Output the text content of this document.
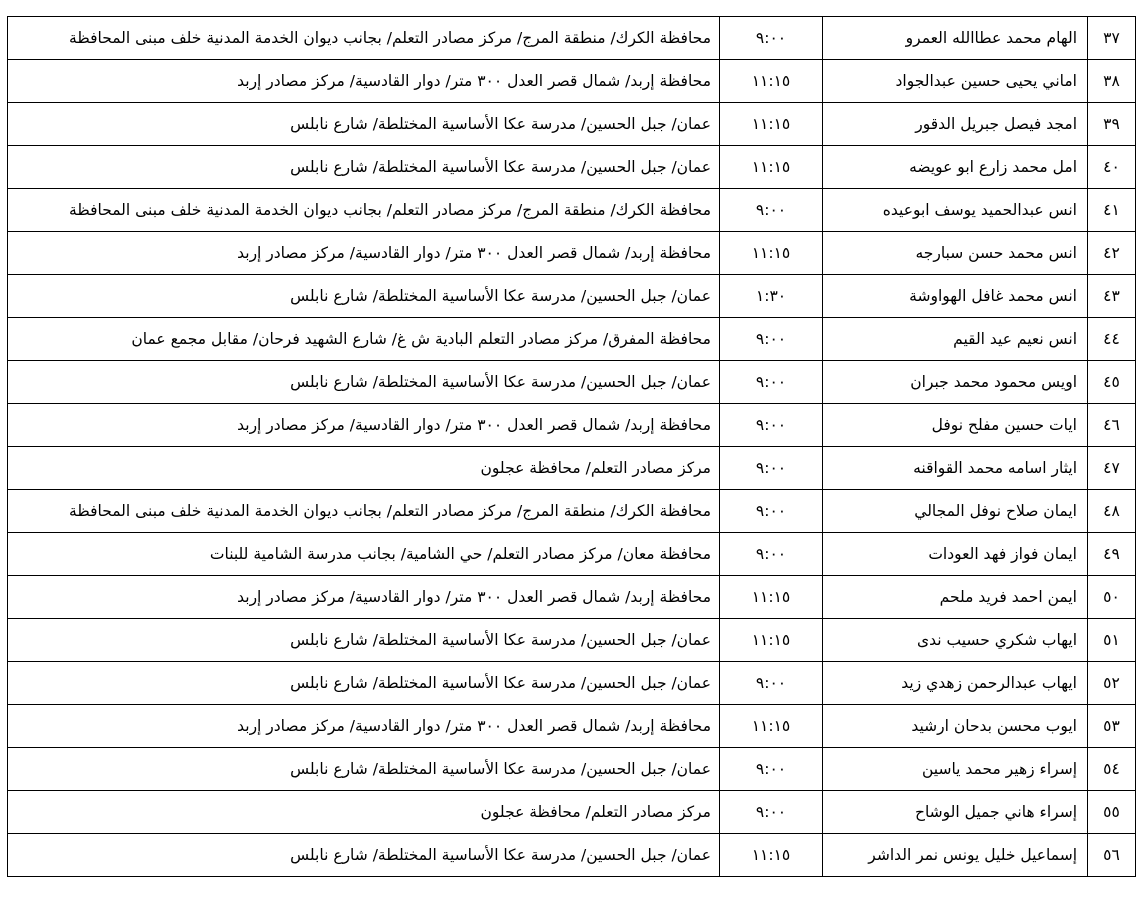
٣٧	الهام محمد عطاالله العمرو	٩:٠٠	محافظة الكرك/ منطقة المرج/ مركز مصادر التعلم/ بجانب ديوان الخدمة المدنية خلف مبنى المحافظة
٣٨	اماني يحيى حسين عبدالجواد	١١:١٥	محافظة إربد/ شمال قصر العدل ٣٠٠ متر/ دوار القادسية/ مركز مصادر إربد
٣٩	امجد فيصل جبريل الدقور	١١:١٥	عمان/ جبل الحسين/ مدرسة عكا الأساسية المختلطة/ شارع نابلس
٤٠	امل محمد زارع ابو عويضه	١١:١٥	عمان/ جبل الحسين/ مدرسة عكا الأساسية المختلطة/ شارع نابلس
٤١	انس عبدالحميد يوسف ابوعيده	٩:٠٠	محافظة الكرك/ منطقة المرج/ مركز مصادر التعلم/ بجانب ديوان الخدمة المدنية خلف مبنى المحافظة
٤٢	انس محمد حسن سبارجه	١١:١٥	محافظة إربد/ شمال قصر العدل ٣٠٠ متر/ دوار القادسية/ مركز مصادر إربد
٤٣	انس محمد غافل الهواوشة	١:٣٠	عمان/ جبل الحسين/ مدرسة عكا الأساسية المختلطة/ شارع نابلس
٤٤	انس نعيم عيد القيم	٩:٠٠	محافظة المفرق/ مركز مصادر التعلم البادية ش غ/ شارع الشهيد فرحان/ مقابل مجمع عمان
٤٥	اويس محمود محمد جبران	٩:٠٠	عمان/ جبل الحسين/ مدرسة عكا الأساسية المختلطة/ شارع نابلس
٤٦	ايات حسين مفلح نوفل	٩:٠٠	محافظة إربد/ شمال قصر العدل ٣٠٠ متر/ دوار القادسية/ مركز مصادر إربد
٤٧	ايثار اسامه محمد القواقنه	٩:٠٠	مركز مصادر التعلم/ محافظة عجلون
٤٨	ايمان صلاح نوفل المجالي	٩:٠٠	محافظة الكرك/ منطقة المرج/ مركز مصادر التعلم/ بجانب ديوان الخدمة المدنية خلف مبنى المحافظة
٤٩	ايمان فواز فهد العودات	٩:٠٠	محافظة معان/ مركز مصادر التعلم/ حي الشامية/ بجانب مدرسة الشامية للبنات
٥٠	ايمن احمد فريد ملحم	١١:١٥	محافظة إربد/ شمال قصر العدل ٣٠٠ متر/ دوار القادسية/ مركز مصادر إربد
٥١	ايهاب شكري حسيب ندى	١١:١٥	عمان/ جبل الحسين/ مدرسة عكا الأساسية المختلطة/ شارع نابلس
٥٢	ايهاب عبدالرحمن زهدي زيد	٩:٠٠	عمان/ جبل الحسين/ مدرسة عكا الأساسية المختلطة/ شارع نابلس
٥٣	ايوب محسن بدحان ارشيد	١١:١٥	محافظة إربد/ شمال قصر العدل ٣٠٠ متر/ دوار القادسية/ مركز مصادر إربد
٥٤	إسراء زهير محمد ياسين	٩:٠٠	عمان/ جبل الحسين/ مدرسة عكا الأساسية المختلطة/ شارع نابلس
٥٥	إسراء هاني جميل الوشاح	٩:٠٠	مركز مصادر التعلم/ محافظة عجلون
٥٦	إسماعيل خليل يونس نمر الداشر	١١:١٥	عمان/ جبل الحسين/ مدرسة عكا الأساسية المختلطة/ شارع نابلس
